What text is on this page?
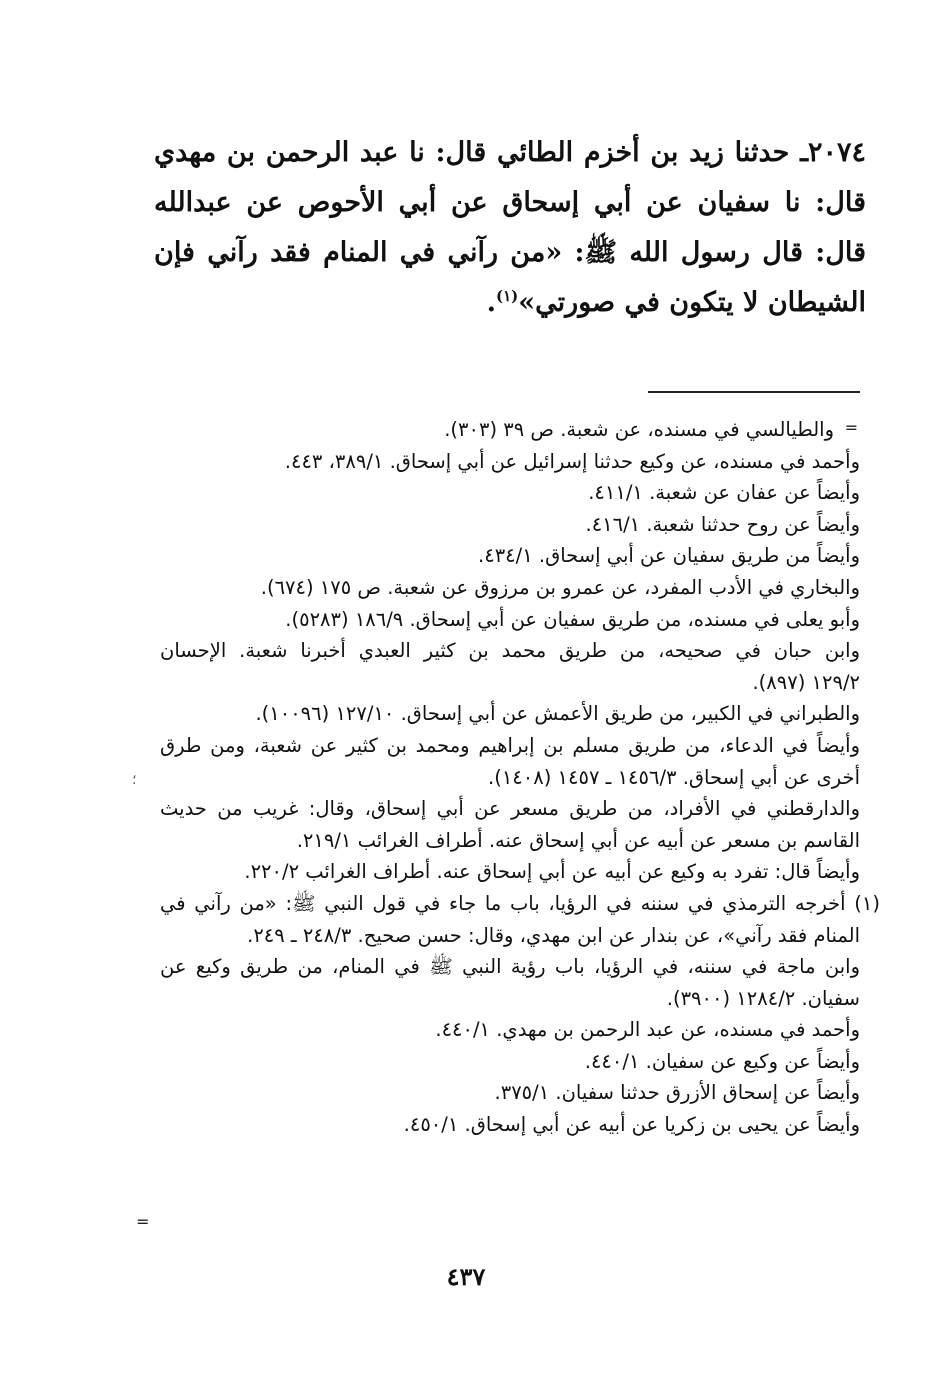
٢٠٧٤ـ حدثنا زيد بن أخزم الطائي قال: نا عبد الرحمن بن مهدي قال: نا سفيان عن أبي إسحاق عن أبي الأحوص عن عبدالله قال: قال رسول الله ﷺ: «من رآني في المنام فقد رآني فإن الشيطان لا يتكون في صورتي»$^{(١)}$.
=
؛
=
والطيالسي في مسنده، عن شعبة. ص ٣٩ (٣٠٣).
وأحمد في مسنده، عن وكيع حدثنا إسرائيل عن أبي إسحاق. ٣٨٩/١، ٤٤٣.
وأيضاً عن عفان عن شعبة. ٤١١/١.
وأيضاً عن روح حدثنا شعبة. ٤١٦/١.
وأيضاً من طريق سفيان عن أبي إسحاق. ٤٣٤/١.
والبخاري في الأدب المفرد، عن عمرو بن مرزوق عن شعبة. ص ١٧٥ (٦٧٤).
وأبو يعلى في مسنده، من طريق سفيان عن أبي إسحاق. ١٨٦/٩ (٥٢٨٣).
وابن حبان في صحيحه، من طريق محمد بن كثير العبدي أخبرنا شعبة. الإحسان
١٢٩/٢ (٨٩٧).
والطبراني في الكبير، من طريق الأعمش عن أبي إسحاق. ١٢٧/١٠ (١٠٠٩٦).
وأيضاً في الدعاء، من طريق مسلم بن إبراهيم ومحمد بن كثير عن شعبة، ومن طرق
أخرى عن أبي إسحاق. ١٤٥٦/٣ ـ ١٤٥٧ (١٤٠٨).
والدارقطني في الأفراد، من طريق مسعر عن أبي إسحاق، وقال: غريب من حديث
القاسم بن مسعر عن أبيه عن أبي إسحاق عنه. أطراف الغرائب ٢١٩/١.
وأيضاً قال: تفرد به وكيع عن أبيه عن أبي إسحاق عنه. أطراف الغرائب ٢٢٠/٢.
(١) أخرجه الترمذي في سننه في الرؤيا، باب ما جاء في قول النبي ﷺ: «من رآني في
المنام فقد رآني»، عن بندار عن ابن مهدي، وقال: حسن صحيح. ٢٤٨/٣ ـ ٢٤٩.
وابن ماجة في سننه، في الرؤيا، باب رؤية النبي ﷺ في المنام، من طريق وكيع عن
سفيان. ١٢٨٤/٢ (٣٩٠٠).
وأحمد في مسنده، عن عبد الرحمن بن مهدي. ٤٤٠/١.
وأيضاً عن وكيع عن سفيان. ٤٤٠/١.
وأيضاً عن إسحاق الأزرق حدثنا سفيان. ٣٧٥/١.
وأيضاً عن يحيى بن زكريا عن أبيه عن أبي إسحاق. ٤٥٠/١.
٤٣٧
